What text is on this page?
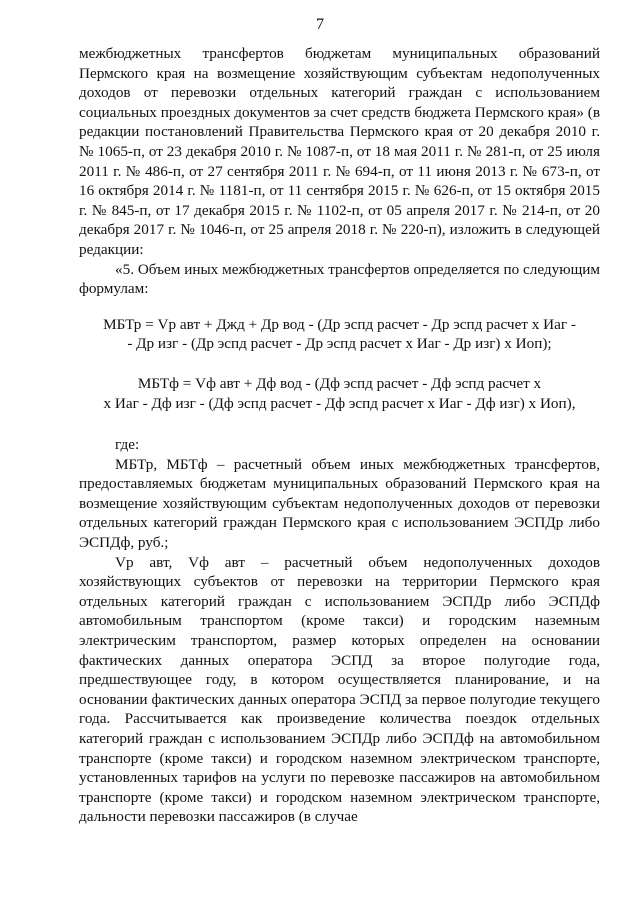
7

межбюджетных трансфертов бюджетам муниципальных образований Пермского края на возмещение хозяйствующим субъектам недополученных доходов от перевозки отдельных категорий граждан с использованием социальных проездных документов за счет средств бюджета Пермского края» (в редакции постановлений Правительства Пермского края от 20 декабря 2010 г. № 1065-п, от 23 декабря 2010 г. № 1087-п, от 18 мая 2011 г. № 281-п, от 25 июля 2011 г. № 486-п, от 27 сентября 2011 г. № 694-п, от 11 июня 2013 г. № 673-п, от 16 октября 2014 г. № 1181-п, от 11 сентября 2015 г. № 626-п, от 15 октября 2015 г. № 845-п, от 17 декабря 2015 г. № 1102-п, от 05 апреля 2017 г. № 214-п, от 20 декабря 2017 г. № 1046-п, от 25 апреля 2018 г. № 220-п), изложить в следующей редакции:

«5. Объем иных межбюджетных трансфертов определяется по следующим формулам:

МБТр = Vр авт + Джд + Др вод - (Др эспд расчет - Др эспд расчет х Иаг -
- Др изг - (Др эспд расчет - Др эспд расчет х Иаг - Др изг) х Иоп);
МБТф = Vф авт + Дф вод - (Дф эспд расчет - Дф эспд расчет х
х Иаг - Дф изг - (Дф эспд расчет - Дф эспд расчет х Иаг - Дф изг) х Иоп),

где:

МБТр, МБТф – расчетный объем иных межбюджетных трансфертов, предоставляемых бюджетам муниципальных образований Пермского края на возмещение хозяйствующим субъектам недополученных доходов от перевозки отдельных категорий граждан Пермского края с использованием ЭСПДр либо ЭСПДф, руб.;

Vр авт, Vф авт – расчетный объем недополученных доходов хозяйствующих субъектов от перевозки на территории Пермского края отдельных категорий граждан с использованием ЭСПДр либо ЭСПДф автомобильным транспортом (кроме такси) и городским наземным электрическим транспортом, размер которых определен на основании фактических данных оператора ЭСПД за второе полугодие года, предшествующее году, в котором осуществляется планирование, и на основании фактических данных оператора ЭСПД за первое полугодие текущего года. Рассчитывается как произведение количества поездок отдельных категорий граждан с использованием ЭСПДр либо ЭСПДф на автомобильном транспорте (кроме такси) и городском наземном электрическом транспорте, установленных тарифов на услуги по перевозке пассажиров на автомобильном транспорте (кроме такси) и городском наземном электрическом транспорте, дальности перевозки пассажиров (в случае
